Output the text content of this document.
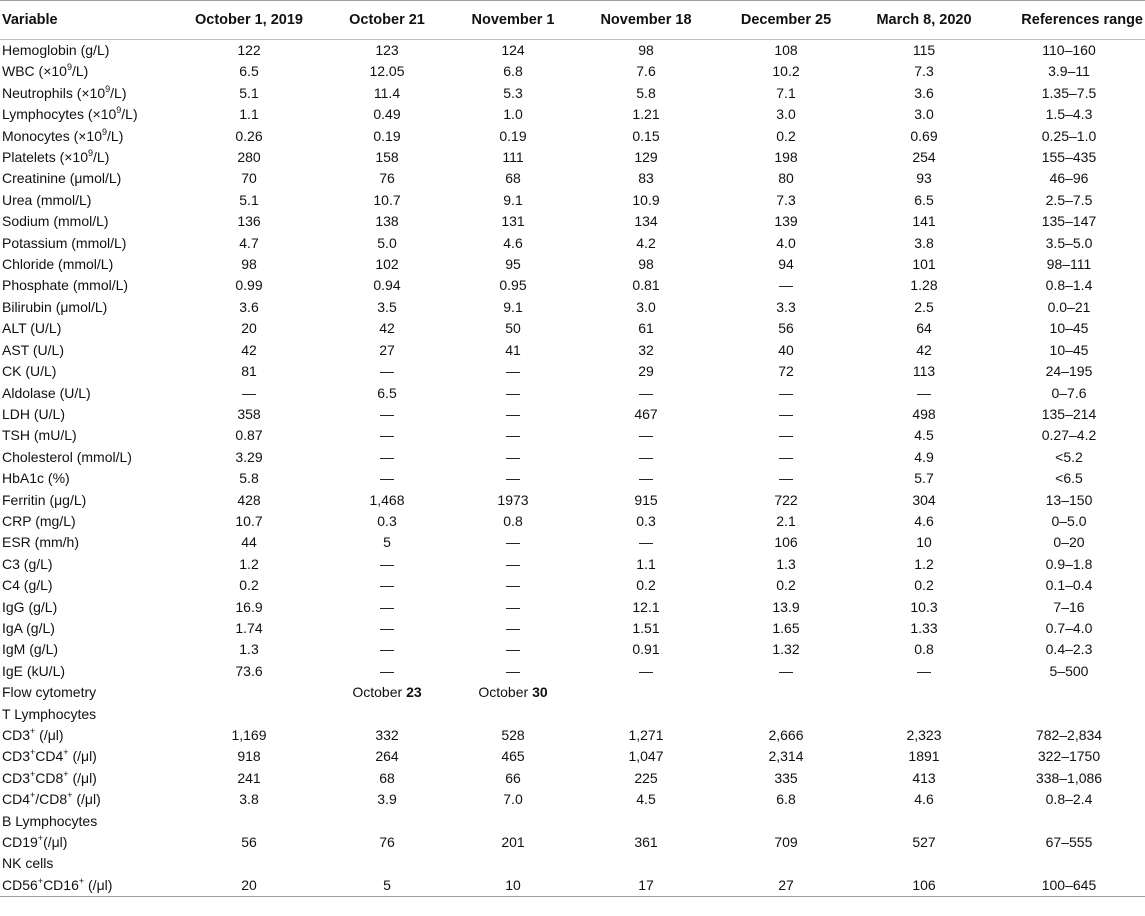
Variable	October 1, 2019	October 21	November 1	November 18	December 25	March 8, 2020	References range
Hemoglobin (g/L)	122	123	124	98	108	115	110–160
WBC $(\times 10^9/L)$	6.5	12.05	6.8	7.6	10.2	7.3	3.9–11
Neutrophils $(\times 10^9/L)$	5.1	11.4	5.3	5.8	7.1	3.6	1.35–7.5
Lymphocytes $(\times 10^9/L)$	1.1	0.49	1.0	1.21	3.0	3.0	1.5–4.3
Monocytes $(\times 10^9/L)$	0.26	0.19	0.19	0.15	0.2	0.69	0.25–1.0
Platelets $(\times 10^9/L)$	280	158	111	129	198	254	155–435
Creatinine (μmol/L)	70	76	68	83	80	93	46–96
Urea (mmol/L)	5.1	10.7	9.1	10.9	7.3	6.5	2.5–7.5
Sodium (mmol/L)	136	138	131	134	139	141	135–147
Potassium (mmol/L)	4.7	5.0	4.6	4.2	4.0	3.8	3.5–5.0
Chloride (mmol/L)	98	102	95	98	94	101	98–111
Phosphate (mmol/L)	0.99	0.94	0.95	0.81	—	1.28	0.8–1.4
Bilirubin (μmol/L)	3.6	3.5	9.1	3.0	3.3	2.5	0.0–21
ALT (U/L)	20	42	50	61	56	64	10–45
AST (U/L)	42	27	41	32	40	42	10–45
CK (U/L)	81	—	—	29	72	113	24–195
Aldolase (U/L)	—	6.5	—	—	—	—	0–7.6
LDH (U/L)	358	—	—	467	—	498	135–214
TSH (mU/L)	0.87	—	—	—	—	4.5	0.27–4.2
Cholesterol (mmol/L)	3.29	—	—	—	—	4.9	<5.2
HbA1c (%)	5.8	—	—	—	—	5.7	<6.5
Ferritin (μg/L)	428	1,468	1973	915	722	304	13–150
CRP (mg/L)	10.7	0.3	0.8	0.3	2.1	4.6	0–5.0
ESR (mm/h)	44	5	—	—	106	10	0–20
C3 (g/L)	1.2	—	—	1.1	1.3	1.2	0.9–1.8
C4 (g/L)	0.2	—	—	0.2	0.2	0.2	0.1–0.4
IgG (g/L)	16.9	—	—	12.1	13.9	10.3	7–16
IgA (g/L)	1.74	—	—	1.51	1.65	1.33	0.7–4.0
IgM (g/L)	1.3	—	—	0.91	1.32	0.8	0.4–2.3
IgE (kU/L)	73.6	—	—	—	—	—	5–500
Flow cytometry		October 23	October 30				
T Lymphocytes							
CD3+ (/μl)	1,169	332	528	1,271	2,666	2,323	782–2,834
CD3+CD4+ (/μl)	918	264	465	1,047	2,314	1891	322–1750
CD3+CD8+ (/μl)	241	68	66	225	335	413	338–1,086
CD4+/CD8+ (/μl)	3.8	3.9	7.0	4.5	6.8	4.6	0.8–2.4
B Lymphocytes							
CD19+(/μl)	56	76	201	361	709	527	67–555
NK cells							
CD56+CD16+ (/μl)	20	5	10	17	27	106	100–645
